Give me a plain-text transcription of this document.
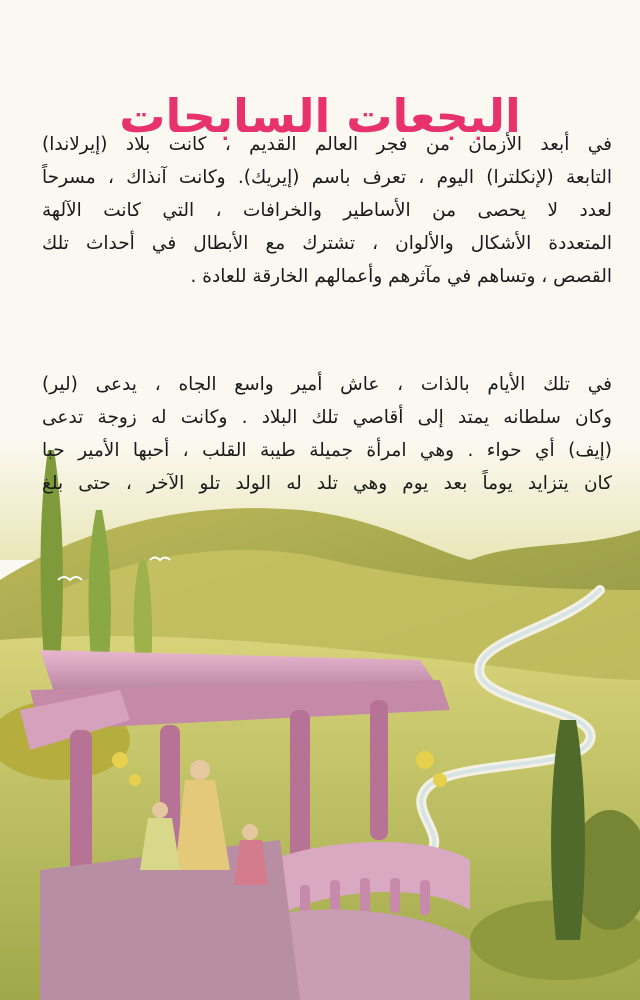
البجعات السابحات
في أبعد الأزمان من فجر العالم القديم ، كانت بلاد (إيرلاندا)
التابعة (لإنكلترا) اليوم ، تعرف باسم (إيريك). وكانت آنذاك ، مسرحاً
لعدد لا يحصى من الأساطير والخرافات ، التي كانت الآلهة
المتعددة الأشكال والألوان ، تشترك مع الأبطال في أحداث تلك
القصص ، وتساهم في مآثرهم وأعمالهم الخارقة للعادة .
في تلك الأيام بالذات ، عاش أمير واسع الجاه ، يدعى (لير)
وكان سلطانه يمتد إلى أقاصي تلك البلاد . وكانت له زوجة تدعى
(إيف) أي حواء . وهي امرأة جميلة طيبة القلب ، أحبها الأمير حبا
كان يتزايد يوماً بعد يوم وهي تلد له الولد تلو الآخر ، حتى بلغ
